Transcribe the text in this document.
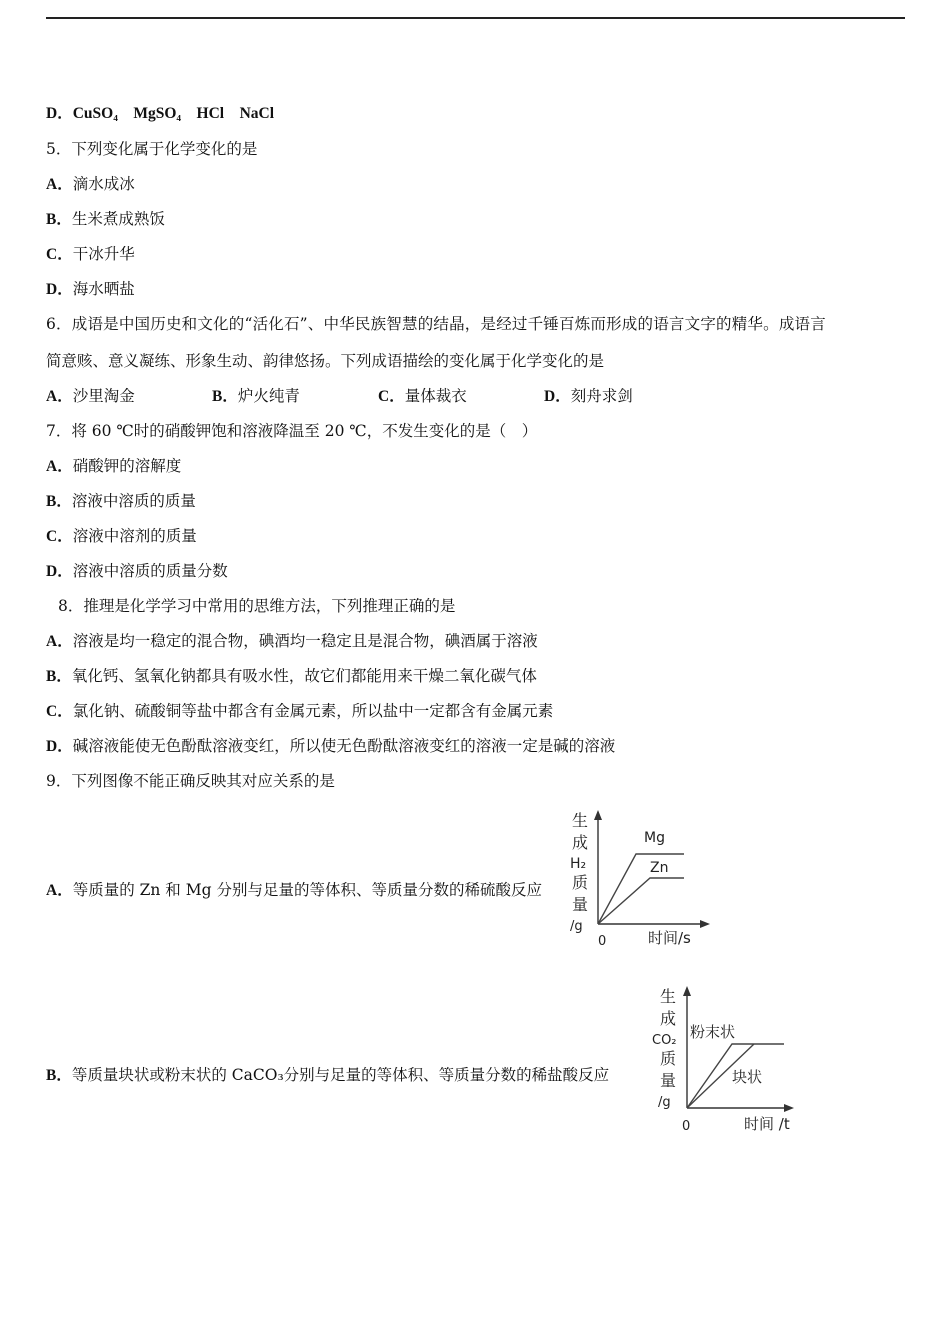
D．CuSO₄　MgSO₄　HCl　NaCl
5．下列变化属于化学变化的是
A．滴水成冰
B．生米煮成熟饭
C．干冰升华
D．海水晒盐
6．成语是中国历史和文化的“活化石”、中华民族智慧的结晶，是经过千锤百炼而形成的语言文字的精华。成语言
简意赅、意义凝练、形象生动、韵律悠扬。下列成语描绘的变化属于化学变化的是
A．沙里淘金	B．炉火纯青	C．量体裁衣	D．刻舟求剑
7．将 60 ℃时的硝酸钾饱和溶液降温至 20 ℃，不发生变化的是（　）
A．硝酸钾的溶解度
B．溶液中溶质的质量
C．溶液中溶剂的质量
D．溶液中溶质的质量分数
8．推理是化学学习中常用的思维方法，下列推理正确的是
A．溶液是均一稳定的混合物，碘酒均一稳定且是混合物，碘酒属于溶液
B．氧化钙、氢氧化钠都具有吸水性，故它们都能用来干燥二氧化碳气体
C．氯化钠、硫酸铜等盐中都含有金属元素，所以盐中一定都含有金属元素
D．碱溶液能使无色酚酞溶液变红，所以使无色酚酞溶液变红的溶液一定是碱的溶液
9．下列图像不能正确反映其对应关系的是
A．等质量的 Zn 和 Mg 分别与足量的等体积、等质量分数的稀硫酸反应
生
成
H₂
质
量
/g
0	时间/s
Mg
Zn
B．等质量块状或粉末状的 CaCO₃分别与足量的等体积、等质量分数的稀盐酸反应
生
成
CO₂
质
量
/g
0	时间 /t
粉末状
块状
